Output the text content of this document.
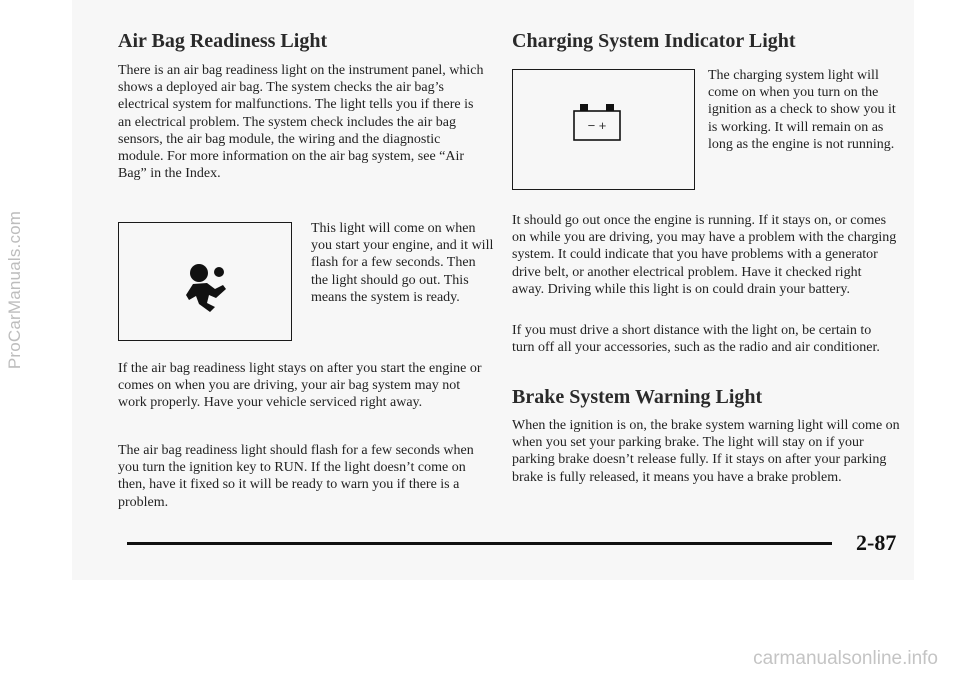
ProCarManuals.com
Air Bag Readiness Light

There is an air bag readiness light on the instrument panel, which shows a deployed air bag. The system checks the air bag’s electrical system for malfunctions. The light tells you if there is an electrical problem. The system check includes the air bag sensors, the air bag module, the wiring and the diagnostic module. For more information on the air bag system, see “Air Bag” in the Index.

This light will come on when you start your engine, and it will flash for a few seconds. Then the light should go out. This means the system is ready.

If the air bag readiness light stays on after you start the engine or comes on when you are driving, your air bag system may not work properly. Have your vehicle serviced right away.

The air bag readiness light should flash for a few seconds when you turn the ignition key to RUN. If the light doesn’t come on then, have it fixed so it will be ready to warn you if there is a problem.

Charging System Indicator Light
− +

The charging system light will come on when you turn on the ignition as a check to show you it is working. It will remain on as long as the engine is not running.

It should go out once the engine is running. If it stays on, or comes on while you are driving, you may have a problem with the charging system. It could indicate that you have problems with a generator drive belt, or another electrical problem. Have it checked right away. Driving while this light is on could drain your battery.

If you must drive a short distance with the light on, be certain to turn off all your accessories, such as the radio and air conditioner.

Brake System Warning Light

When the ignition is on, the brake system warning light will come on when you set your parking brake. The light will stay on if your parking brake doesn’t release fully. If it stays on after your parking brake is fully released, it means you have a brake problem.

2-87
carmanualsonline.info
